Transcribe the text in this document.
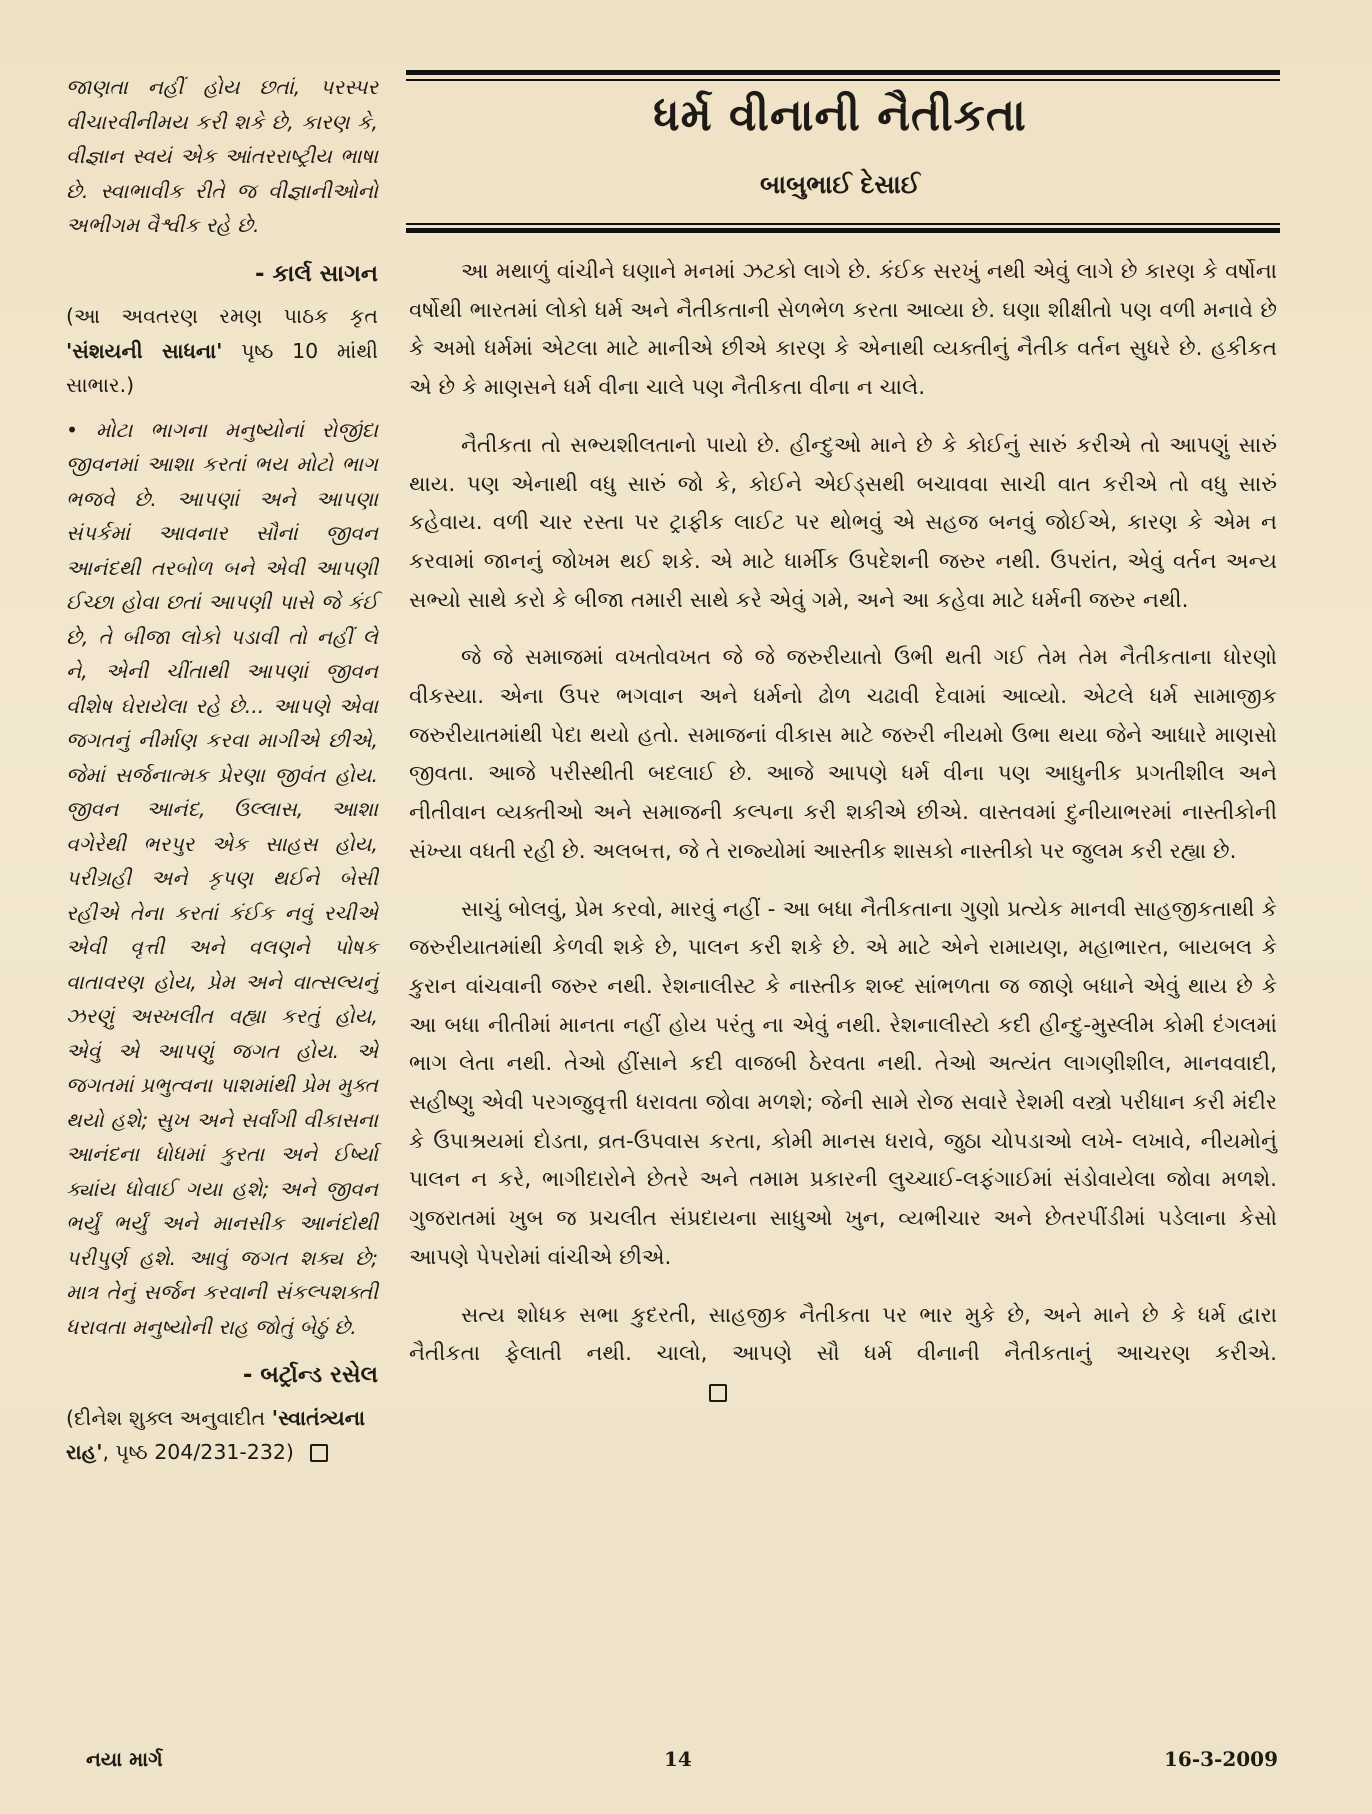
જાણતા નહીં હોય છતાં, પરસ્પર વીચારવીનીમય કરી શકે છે, કારણ કે, વીજ્ઞાન સ્વયં એક આંતરરાષ્ટ્રીય ભાષા છે. સ્વાભાવીક રીતે જ વીજ્ઞાનીઓનો અભીગમ વૈશ્વીક રહે છે.

- કાર્લ સાગન

(આ અવતરણ રમણ પાઠક કૃત 'સંશયની સાધના' પૃષ્ઠ 10 માંથી સાભાર.)

• મોટા ભાગના મનુષ્યોનાં રોજીંદા જીવનમાં આશા કરતાં ભય મોટો ભાગ ભજવે છે. આપણાં અને આપણા સંપર્કમાં આવનાર સૌનાં જીવન આનંદથી તરબોળ બને એવી આપણી ઈચ્છા હોવા છતાં આપણી પાસે જે કંઈ છે, તે બીજા લોકો પડાવી તો નહીં લે ને, એની ચીંતાથી આપણાં જીવન વીશેષ ઘેરાયેલા રહે છે... આપણે એવા જગતનું નીર્માણ કરવા માગીએ છીએ, જેમાં સર્જનાત્મક પ્રેરણા જીવંત હોય. જીવન આનંદ, ઉલ્લાસ, આશા વગેરેથી ભરપુર એક સાહસ હોય, પરીગ્રહી અને કૃપણ થઈને બેસી રહીએ તેના કરતાં કંઈક નવું રચીએ એવી વૃત્તી અને વલણને પોષક વાતાવરણ હોય, પ્રેમ અને વાત્સલ્યનું ઝરણું અસ્ખલીત વહ્યા કરતું હોય, એવું એ આપણું જગત હોય. એ જગતમાં પ્રભુત્વના પાશમાંથી પ્રેમ મુક્ત થયો હશે; સુખ અને સર્વાંગી વીકાસના આનંદના ધોધમાં કુરતા અને ઈર્ષ્યા ક્યાંય ધોવાઈ ગયા હશે; અને જીવન ભર્યું ભર્યું અને માનસીક આનંદોથી પરીપુર્ણ હશે. આવું જગત શક્ય છે; માત્ર તેનું સર્જન કરવાની સંકલ્પશક્તી ધરાવતા મનુષ્યોની રાહ જોતું બેઠું છે.

- બર્ટ્રાન્ડ રસેલ

(દીનેશ શુક્લ અનુવાદીત 'સ્વાતંત્ર્યના રાહ', પૃષ્ઠ 204/231-232)

ધર્મ વીનાની નૈતીકતા
બાબુભાઈ દેસાઈ

આ મથાળું વાંચીને ઘણાને મનમાં ઝટકો લાગે છે. કંઈક સરખું નથી એવું લાગે છે કારણ કે વર્ષોના વર્ષોથી ભારતમાં લોકો ધર્મ અને નૈતીકતાની સેળભેળ કરતા આવ્યા છે. ઘણા શીક્ષીતો પણ વળી મનાવે છે કે અમો ધર્મમાં એટલા માટે માનીએ છીએ કારણ કે એનાથી વ્યક્તીનું નૈતીક વર્તન સુધરે છે. હકીકત એ છે કે માણસને ધર્મ વીના ચાલે પણ નૈતીકતા વીના ન ચાલે.

નૈતીકતા તો સભ્યશીલતાનો પાયો છે. હીન્દુઓ માને છે કે કોઈનું સારું કરીએ તો આપણું સારું થાય. પણ એનાથી વધુ સારું જો કે, કોઈને એઈડ્સથી બચાવવા સાચી વાત કરીએ તો વધુ સારું કહેવાય. વળી ચાર રસ્તા પર ટ્રાફીક લાઈટ પર થોભવું એ સહજ બનવું જોઈએ, કારણ કે એમ ન કરવામાં જાનનું જોખમ થઈ શકે. એ માટે ધાર્મીક ઉપદેશની જરુર નથી. ઉપરાંત, એવું વર્તન અન્ય સભ્યો સાથે કરો કે બીજા તમારી સાથે કરે એવું ગમે, અને આ કહેવા માટે ધર્મની જરુર નથી.

જે જે સમાજમાં વખતોવખત જે જે જરુરીયાતો ઉભી થતી ગઈ તેમ તેમ નૈતીકતાના ધોરણો વીકસ્યા. એના ઉપર ભગવાન અને ધર્મનો ઢોળ ચઢાવી દેવામાં આવ્યો. એટલે ધર્મ સામાજીક જરુરીયાતમાંથી પેદા થયો હતો. સમાજનાં વીકાસ માટે જરુરી નીયમો ઉભા થયા જેને આધારે માણસો જીવતા. આજે પરીસ્થીતી બદલાઈ છે. આજે આપણે ધર્મ વીના પણ આધુનીક પ્રગતીશીલ અને નીતીવાન વ્યક્તીઓ અને સમાજની કલ્પના કરી શકીએ છીએ. વાસ્તવમાં દુનીયાભરમાં નાસ્તીકોની સંખ્યા વધતી રહી છે. અલબત્ત, જે તે રાજ્યોમાં આસ્તીક શાસકો નાસ્તીકો પર જુલમ કરી રહ્યા છે.

સાચું બોલવું, પ્રેમ કરવો, મારવું નહીં - આ બધા નૈતીકતાના ગુણો પ્રત્યેક માનવી સાહજીકતાથી કે જરુરીયાતમાંથી કેળવી શકે છે, પાલન કરી શકે છે. એ માટે એને રામાયણ, મહાભારત, બાયબલ કે કુરાન વાંચવાની જરુર નથી. રેશનાલીસ્ટ કે નાસ્તીક શબ્દ સાંભળતા જ જાણે બધાને એવું થાય છે કે આ બધા નીતીમાં માનતા નહીં હોય પરંતુ ના એવું નથી. રેશનાલીસ્ટો કદી હીન્દુ-મુસ્લીમ કોમી દંગલમાં ભાગ લેતા નથી. તેઓ હીંસાને કદી વાજબી ઠેરવતા નથી. તેઓ અત્યંત લાગણીશીલ, માનવવાદી, સહીષ્ણુ એવી પરગજુવૃત્તી ધરાવતા જોવા મળશે; જેની સામે રોજ સવારે રેશમી વસ્ત્રો પરીધાન કરી મંદીર કે ઉપાશ્રયમાં દોડતા, વ્રત-ઉપવાસ કરતા, કોમી માનસ ધરાવે, જુઠા ચોપડાઓ લખે- લખાવે, નીયમોનું પાલન ન કરે, ભાગીદારોને છેતરે અને તમામ પ્રકારની લુચ્ચાઈ-લફંગાઈમાં સંડોવાયેલા જોવા મળશે. ગુજરાતમાં ખુબ જ પ્રચલીત સંપ્રદાયના સાધુઓ ખુન, વ્યભીચાર અને છેતરપીંડીમાં પડેલાના કેસો આપણે પેપરોમાં વાંચીએ છીએ.

સત્ય શોધક સભા કુદરતી, સાહજીક નૈતીકતા પર ભાર મુકે છે, અને માને છે કે ધર્મ દ્વારા નૈતીકતા ફેલાતી નથી. ચાલો, આપણે સૌ ધર્મ વીનાની નૈતીકતાનું આચરણ કરીએ.

નયા માર્ગ	14	16-3-2009
